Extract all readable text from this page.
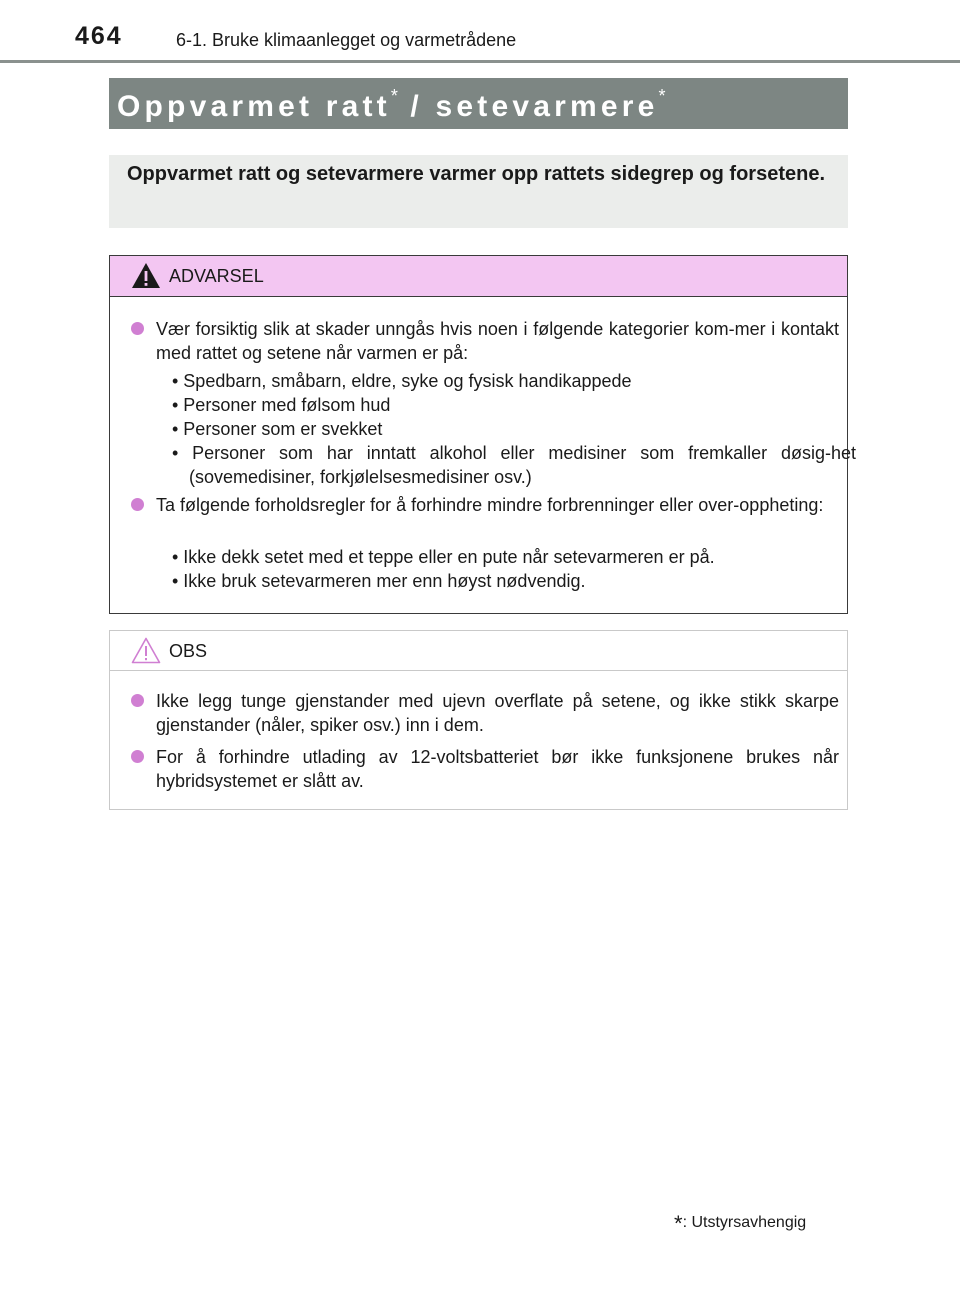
464	6-1. Bruke klimaanlegget og varmetrådene
Oppvarmet ratt* / setevarmere*
Oppvarmet ratt og setevarmere varmer opp rattets sidegrep og forsetene.
ADVARSEL
Vær forsiktig slik at skader unngås hvis noen i følgende kategorier kom-mer i kontakt med rattet og setene når varmen er på:
• Spedbarn, småbarn, eldre, syke og fysisk handikappede
• Personer med følsom hud
• Personer som er svekket
• Personer som har inntatt alkohol eller medisiner som fremkaller døsig-het (sovemedisiner, forkjølelsesmedisiner osv.)
Ta følgende forholdsregler for å forhindre mindre forbrenninger eller over-oppheting:
• Ikke dekk setet med et teppe eller en pute når setevarmeren er på.
• Ikke bruk setevarmeren mer enn høyst nødvendig.
OBS
Ikke legg tunge gjenstander med ujevn overflate på setene, og ikke stikk skarpe gjenstander (nåler, spiker osv.) inn i dem.
For å forhindre utlading av 12-voltsbatteriet bør ikke funksjonene brukes når hybridsystemet er slått av.
*: Utstyrsavhengig
